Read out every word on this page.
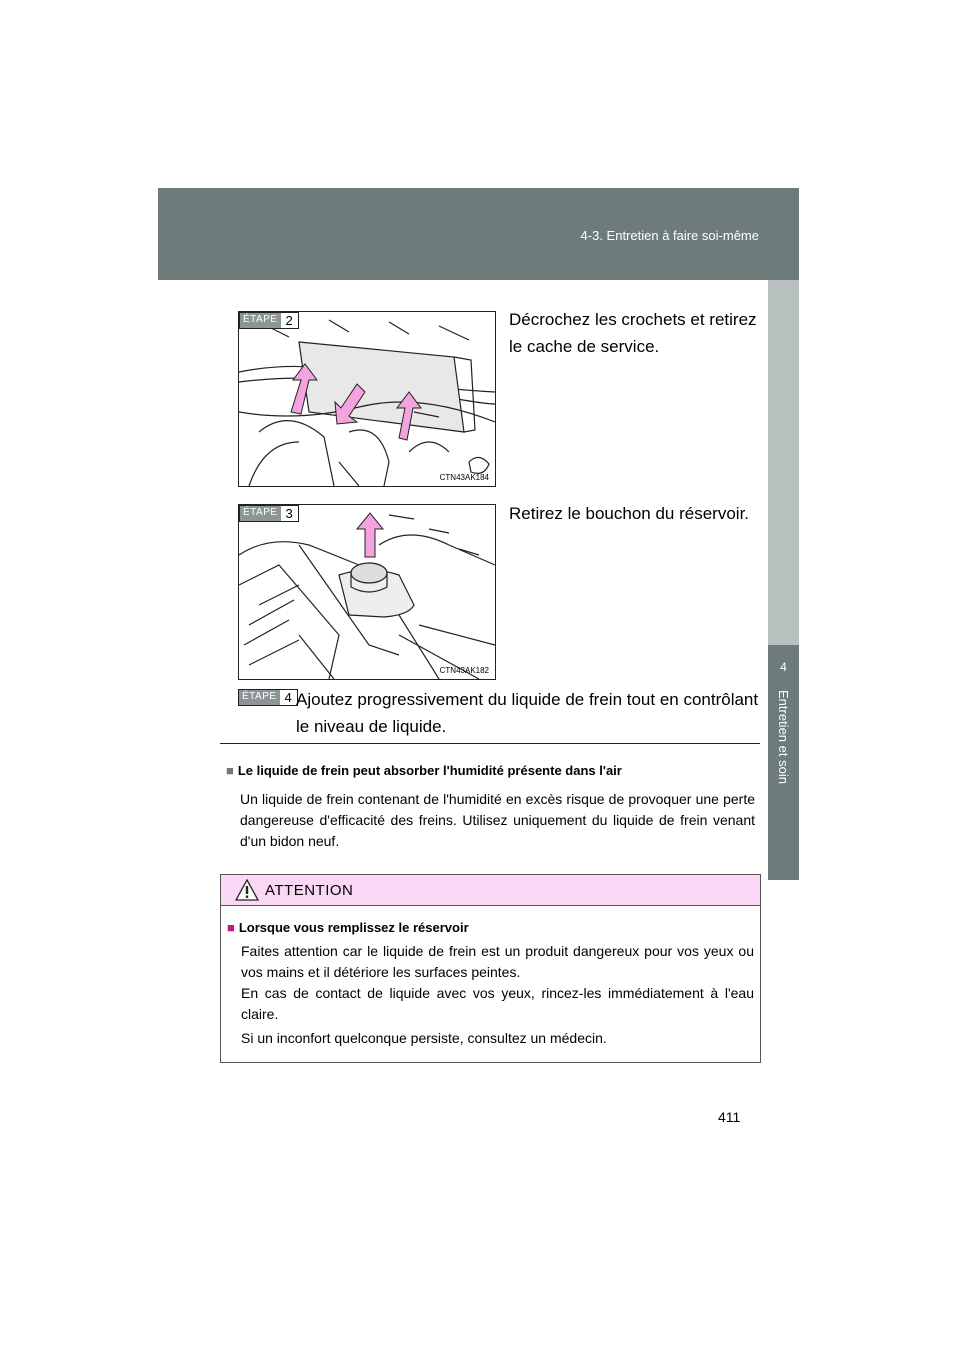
4-3. Entretien à faire soi-même
4
Entretien et soin
ÉTAPE 2
CTN43AK184
Décrochez les crochets et retirez le cache de service.
ÉTAPE 3
CTN43AK182
Retirez le bouchon du réservoir.
ÉTAPE 4 Ajoutez progressivement du liquide de frein tout en contrôlant le niveau de liquide.
■ Le liquide de frein peut absorber l'humidité présente dans l'air
Un liquide de frein contenant de l'humidité en excès risque de provoquer une perte dangereuse d'efficacité des freins. Utilisez uniquement du liquide de frein venant d'un bidon neuf.
ATTENTION
■ Lorsque vous remplissez le réservoir
Faites attention car le liquide de frein est un produit dangereux pour vos yeux ou vos mains et il détériore les surfaces peintes.
En cas de contact de liquide avec vos yeux, rincez-les immédiatement à l'eau claire.
Si un inconfort quelconque persiste, consultez un médecin.
411
